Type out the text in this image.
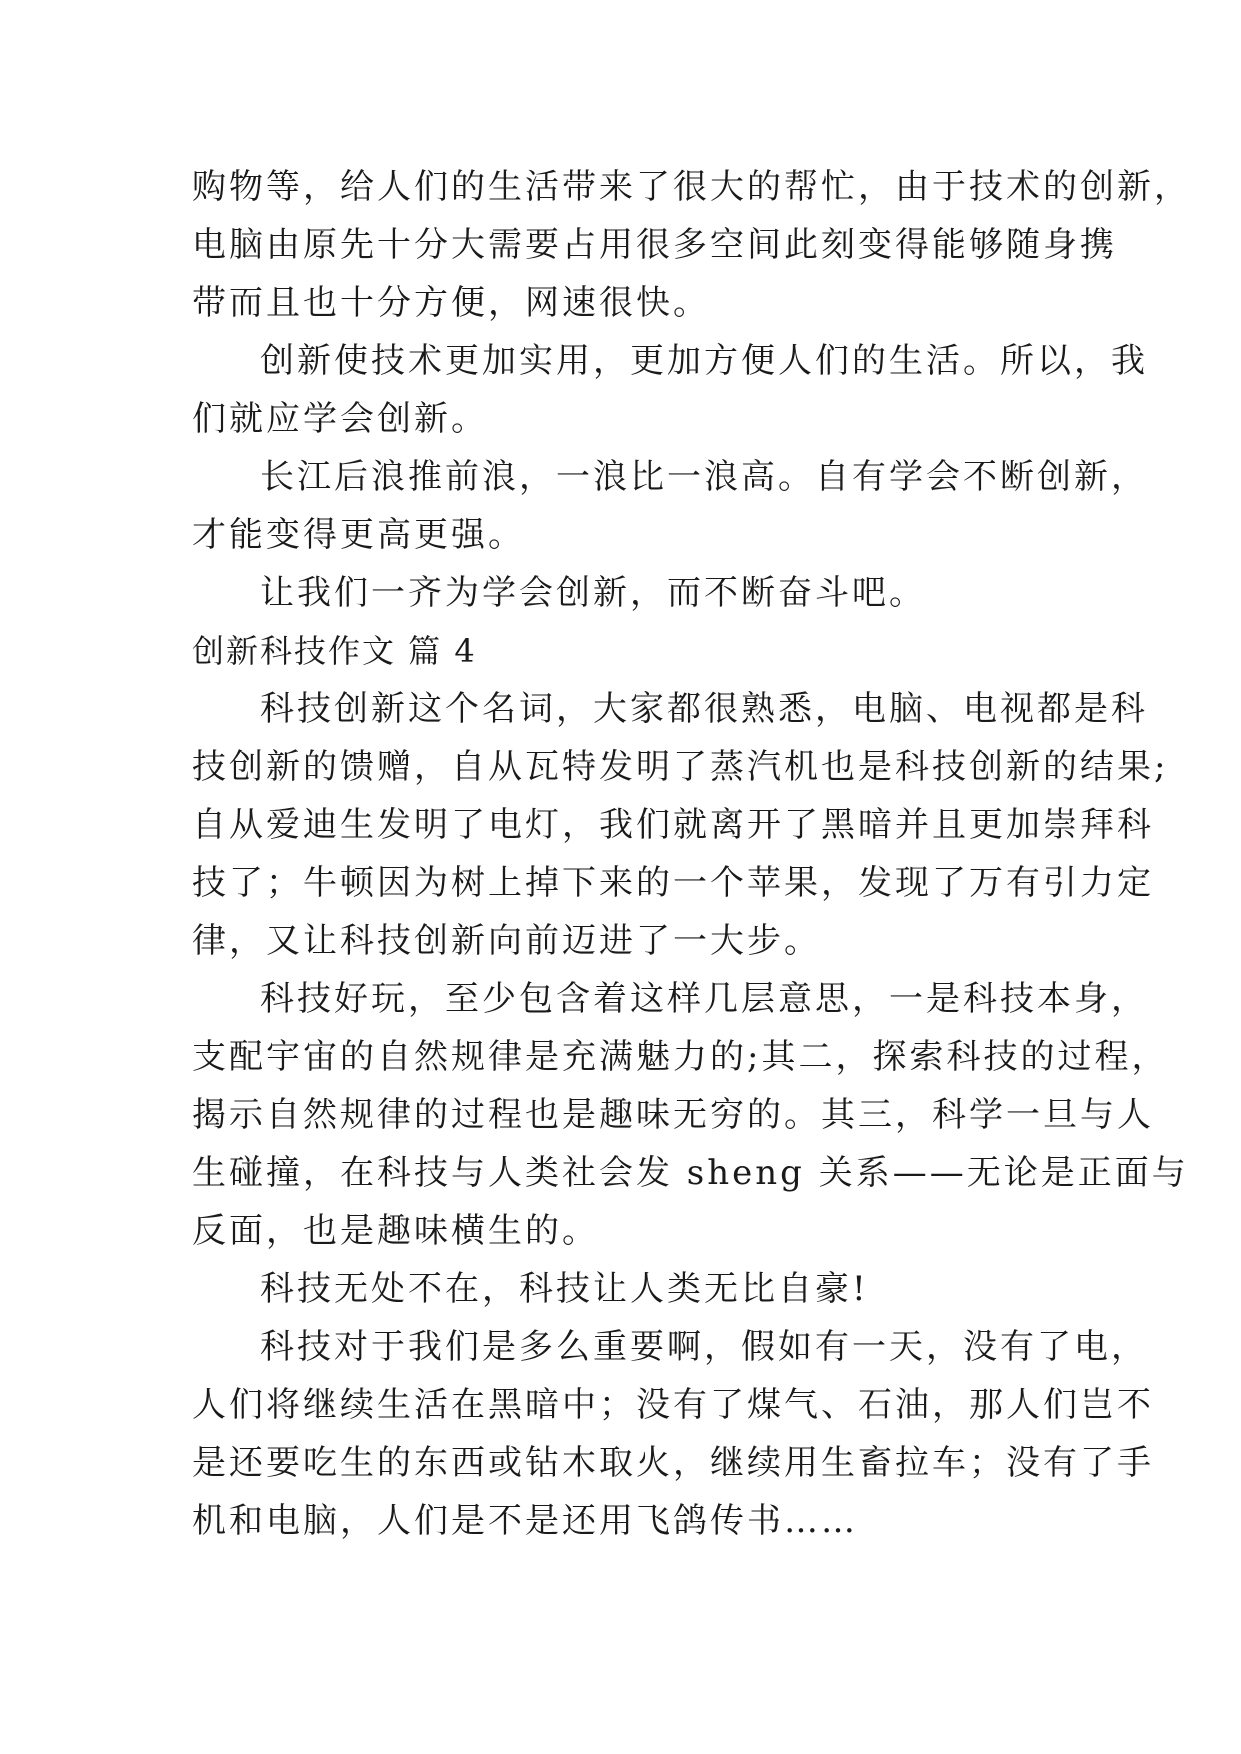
购物等，给人们的生活带来了很大的帮忙，由于技术的创新，
电脑由原先十分大需要占用很多空间此刻变得能够随身携
带而且也十分方便，网速很快。
创新使技术更加实用，更加方便人们的生活。所以，我
们就应学会创新。
长江后浪推前浪，一浪比一浪高。自有学会不断创新，
才能变得更高更强。
让我们一齐为学会创新，而不断奋斗吧。
创新科技作文 篇 4
科技创新这个名词，大家都很熟悉，电脑、电视都是科
技创新的馈赠，自从瓦特发明了蒸汽机也是科技创新的结果;
自从爱迪生发明了电灯，我们就离开了黑暗并且更加崇拜科
技了；牛顿因为树上掉下来的一个苹果，发现了万有引力定
律，又让科技创新向前迈进了一大步。
科技好玩，至少包含着这样几层意思，一是科技本身，
支配宇宙的自然规律是充满魅力的;其二，探索科技的过程，
揭示自然规律的过程也是趣味无穷的。其三，科学一旦与人
生碰撞，在科技与人类社会发 sheng 关系——无论是正面与
反面，也是趣味横生的。
科技无处不在，科技让人类无比自豪!
科技对于我们是多么重要啊，假如有一天，没有了电，
人们将继续生活在黑暗中；没有了煤气、石油，那人们岂不
是还要吃生的东西或钻木取火，继续用生畜拉车；没有了手
机和电脑，人们是不是还用飞鸽传书……
